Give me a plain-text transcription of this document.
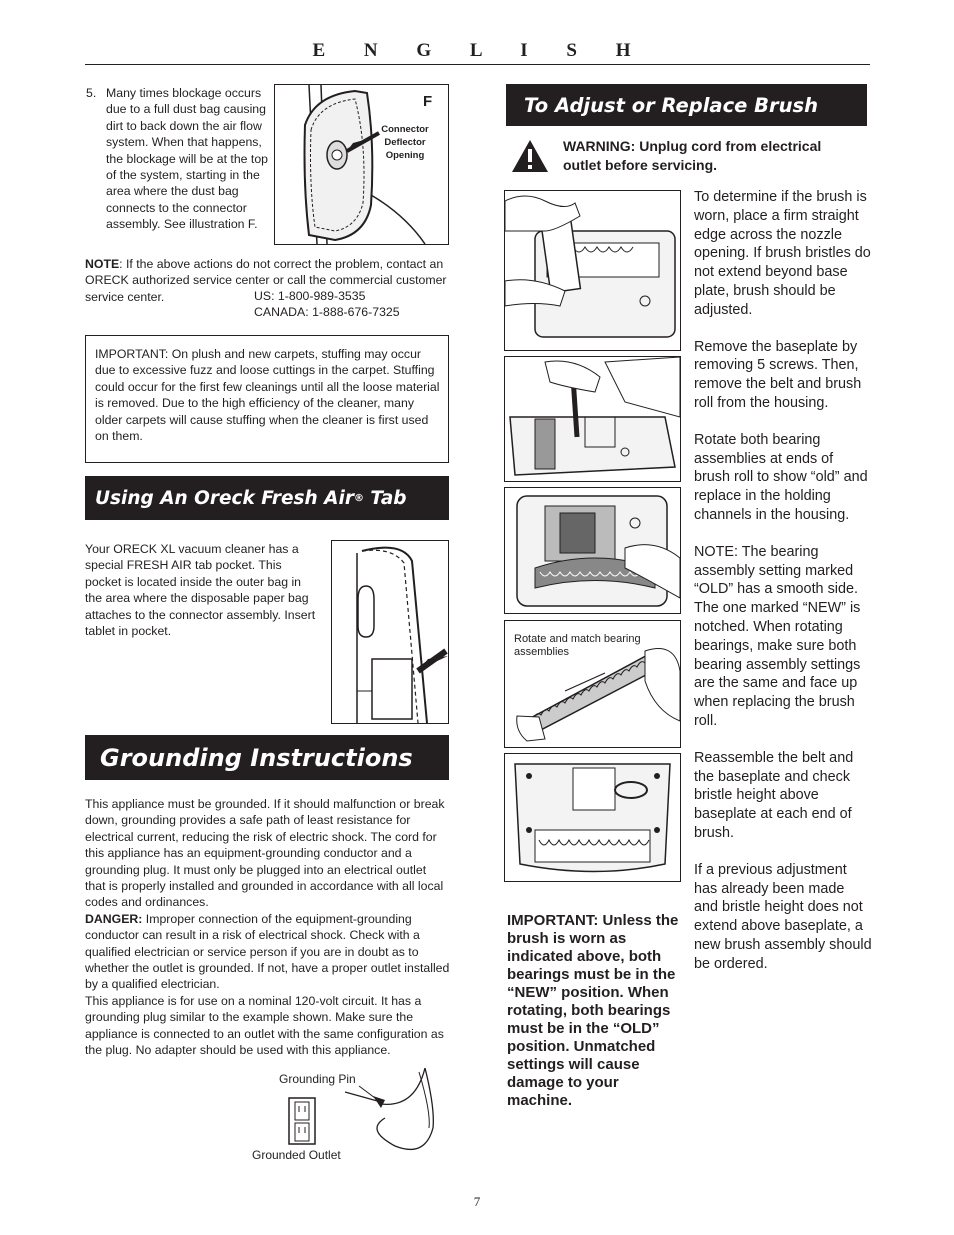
E N G L I S H
5. Many times blockage occurs due to a full dust bag causing dirt to back down the air flow system. When that happens, the blockage will be at the top of the system, starting in the area where the dust bag connects to the connector assembly. See illustration F.
F
Connector
Deflector
Opening
NOTE: If the above actions do not correct the problem, contact an ORECK authorized service center or call the commercial customer service center.	US: 1-800-989-3535
CANADA: 1-888-676-7325
IMPORTANT: On plush and new carpets, stuffing may occur due to excessive fuzz and loose cuttings in the carpet. Stuffing could occur for the first few cleanings until all the loose material is removed. Due to the high efficiency of the cleaner, many older carpets will cause stuffing when the cleaner is first used on them.
Using An Oreck Fresh Air ® Tab
Your ORECK XL vacuum cleaner has a special FRESH AIR tab pocket. This pocket is located inside the outer bag in the area where the disposable paper bag attaches to the connector assembly. Insert tablet in pocket.
Grounding Instructions
This appliance must be grounded. If it should malfunction or break down, grounding provides a safe path of least resistance for electrical current, reducing the risk of electric shock. The cord for this appliance has an equipment-grounding conductor and a grounding plug. It must only be plugged into an electrical outlet that is properly installed and grounded in accordance with all local codes and ordinances.
DANGER: Improper connection of the equipment-grounding conductor can result in a risk of electrical shock. Check with a qualified electrician or service person if you are in doubt as to whether the outlet is grounded. If not, have a proper outlet installed by a qualified electrician.
This appliance is for use on a nominal 120-volt circuit. It has a grounding plug similar to the example shown. Make sure the appliance is connected to an outlet with the same configuration as the plug. No adapter should be used with this appliance.
Grounding Pin
Grounded Outlet
To Adjust or Replace Brush
WARNING: Unplug cord from electrical outlet before servicing.
Rotate and match bearing assemblies
IMPORTANT: Unless the brush is worn as indicated above, both bearings must be in the “NEW” position. When rotating, both bearings must be in the “OLD” position. Unmatched settings will cause damage to your machine.

To determine if the brush is worn, place a firm straight edge across the nozzle opening. If brush bristles do not extend beyond base plate, brush should be adjusted.

Remove the baseplate by removing 5 screws. Then, remove the belt and brush roll from the housing.

Rotate both bearing assemblies at ends of brush roll to show “old” and replace in the holding channels in the housing.

NOTE: The bearing assembly setting marked “OLD” has a smooth side. The one marked “NEW” is notched. When rotating bearings, make sure both bearing assembly settings are the same and face up when replacing the brush roll.

Reassemble the belt and the baseplate and check bristle height above baseplate at each end of brush.

If a previous adjustment has already been made and bristle height does not extend above baseplate, a new brush assembly should be ordered.

7
